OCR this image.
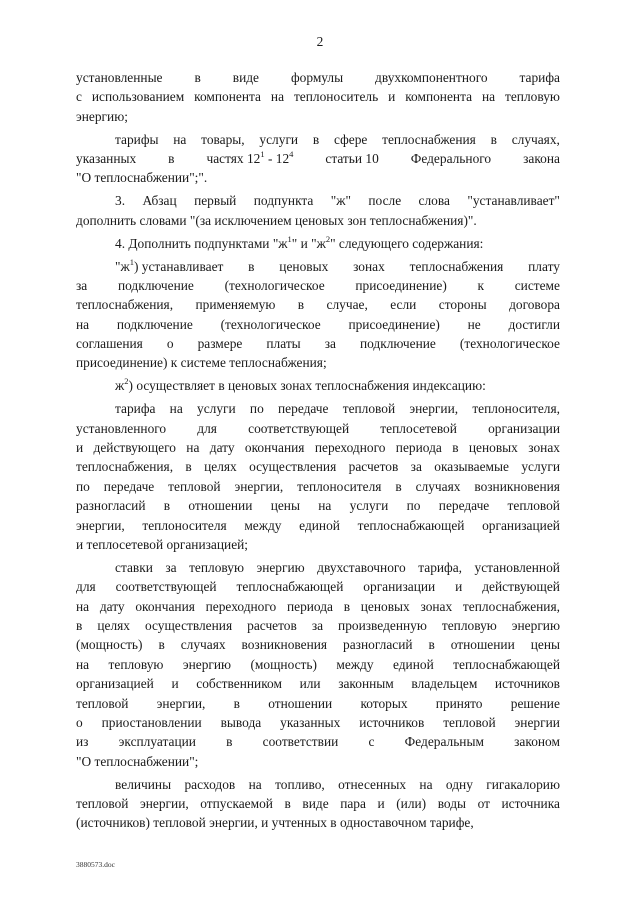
2
установленные в виде формулы двухкомпонентного тарифа
с использованием компонента на теплоноситель и компонента на тепловую
энергию;
тарифы на товары, услуги в сфере теплоснабжения в случаях,
указанных в частях $12^1 - 12^4$ статьи 10 Федерального закона
"О теплоснабжении";".
3. Абзац первый подпункта "ж" после слова "устанавливает"
дополнить словами "(за исключением ценовых зон теплоснабжения)".
4. Дополнить подпунктами "$ж^1$" и "$ж^2$" следующего содержания:
"$ж^1$) устанавливает в ценовых зонах теплоснабжения плату
за подключение (технологическое присоединение) к системе
теплоснабжения, применяемую в случае, если стороны договора
на подключение (технологическое присоединение) не достигли
соглашения о размере платы за подключение (технологическое
присоединение) к системе теплоснабжения;
$ж^2$) осуществляет в ценовых зонах теплоснабжения индексацию:
тарифа на услуги по передаче тепловой энергии, теплоносителя,
установленного для соответствующей теплосетевой организации
и действующего на дату окончания переходного периода в ценовых зонах
теплоснабжения, в целях осуществления расчетов за оказываемые услуги
по передаче тепловой энергии, теплоносителя в случаях возникновения
разногласий в отношении цены на услуги по передаче тепловой
энергии, теплоносителя между единой теплоснабжающей организацией
и теплосетевой организацией;
ставки за тепловую энергию двухставочного тарифа, установленной
для соответствующей теплоснабжающей организации и действующей
на дату окончания переходного периода в ценовых зонах теплоснабжения,
в целях осуществления расчетов за произведенную тепловую энергию
(мощность) в случаях возникновения разногласий в отношении цены
на тепловую энергию (мощность) между единой теплоснабжающей
организацией и собственником или законным владельцем источников
тепловой энергии, в отношении которых принято решение
о приостановлении вывода указанных источников тепловой энергии
из эксплуатации в соответствии с Федеральным законом
"О теплоснабжении";
величины расходов на топливо, отнесенных на одну гигакалорию
тепловой энергии, отпускаемой в виде пара и (или) воды от источника
(источников) тепловой энергии, и учтенных в одноставочном тарифе,
3880573.doc
